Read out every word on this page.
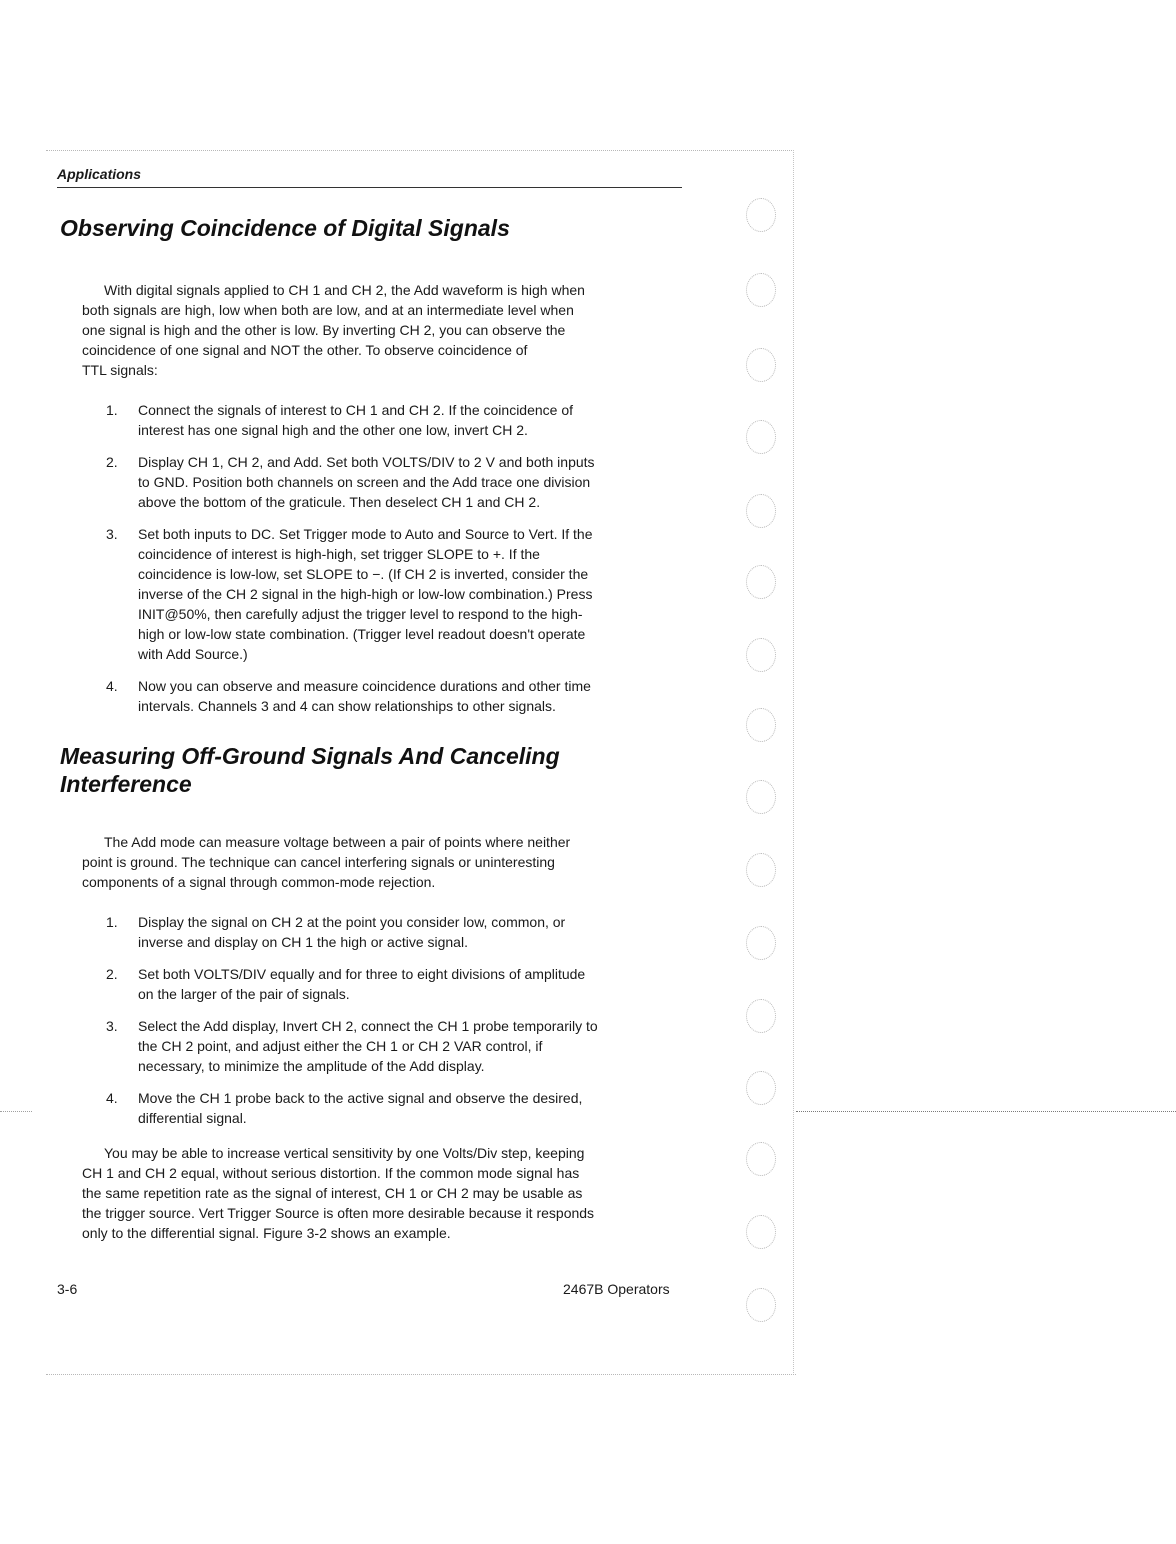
Applications
Observing Coincidence of Digital Signals
With digital signals applied to CH 1 and CH 2, the Add waveform is high when
both signals are high, low when both are low, and at an intermediate level when
one signal is high and the other is low. By inverting CH 2, you can observe the
coincidence of one signal and NOT the other. To observe coincidence of
TTL signals:
1. Connect the signals of interest to CH 1 and CH 2. If the coincidence of
interest has one signal high and the other one low, invert CH 2.
2. Display CH 1, CH 2, and Add. Set both VOLTS/DIV to 2 V and both inputs
to GND. Position both channels on screen and the Add trace one division
above the bottom of the graticule. Then deselect CH 1 and CH 2.
3. Set both inputs to DC. Set Trigger mode to Auto and Source to Vert. If the
coincidence of interest is high-high, set trigger SLOPE to +. If the
coincidence is low-low, set SLOPE to −. (If CH 2 is inverted, consider the
inverse of the CH 2 signal in the high-high or low-low combination.) Press
INIT@50%, then carefully adjust the trigger level to respond to the high-
high or low-low state combination. (Trigger level readout doesn't operate
with Add Source.)
4. Now you can observe and measure coincidence durations and other time
intervals. Channels 3 and 4 can show relationships to other signals.
Measuring Off-Ground Signals And Canceling
Interference
The Add mode can measure voltage between a pair of points where neither
point is ground. The technique can cancel interfering signals or uninteresting
components of a signal through common-mode rejection.
1. Display the signal on CH 2 at the point you consider low, common, or
inverse and display on CH 1 the high or active signal.
2. Set both VOLTS/DIV equally and for three to eight divisions of amplitude
on the larger of the pair of signals.
3. Select the Add display, Invert CH 2, connect the CH 1 probe temporarily to
the CH 2 point, and adjust either the CH 1 or CH 2 VAR control, if
necessary, to minimize the amplitude of the Add display.
4. Move the CH 1 probe back to the active signal and observe the desired,
differential signal.
You may be able to increase vertical sensitivity by one Volts/Div step, keeping
CH 1 and CH 2 equal, without serious distortion. If the common mode signal has
the same repetition rate as the signal of interest, CH 1 or CH 2 may be usable as
the trigger source. Vert Trigger Source is often more desirable because it responds
only to the differential signal. Figure 3-2 shows an example.
3-6	2467B Operators
